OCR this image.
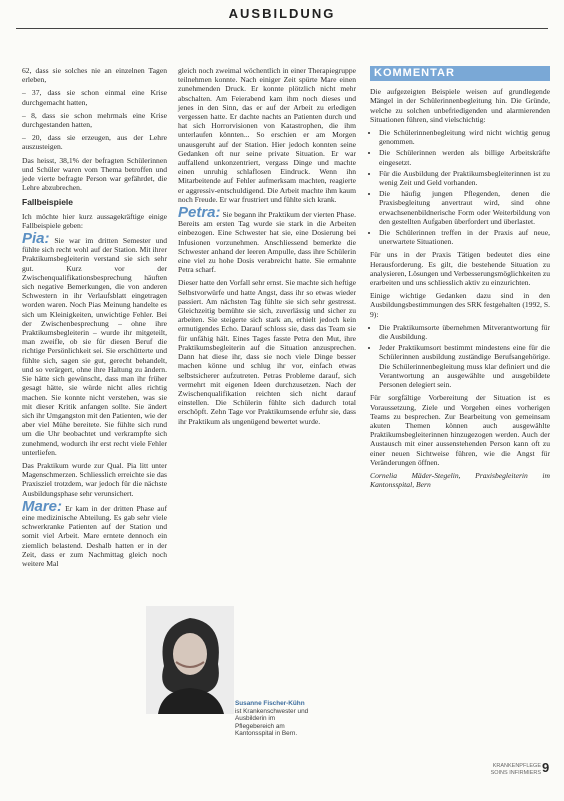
AUSBILDUNG

62, dass sie solches nie an einzelnen Tagen erleben,

– 37, dass sie schon einmal eine Krise durchgemacht hatten,

– 8, dass sie schon mehrmals eine Krise durchgestanden hatten,

– 20, dass sie erzeugen, aus der Lehre auszusteigen.

Das heisst, 38,1% der befragten Schülerinnen und Schüler waren vom Thema betroffen und jede vierte befragte Person war gefährdet, die Lehre abzubrechen.

Fallbeispiele

Ich möchte hier kurz aussagekräftige einige Fallbeispiele geben:

Pia: Sie war im dritten Semester und fühlte sich recht wohl auf der Station. Mit ihrer Praktikumsbegleiterin verstand sie sich sehr gut. Kurz vor der Zwischenqualifikationsbesprechung häuften sich negative Bemerkungen, die von anderen Schwestern in ihr Verlaufsblatt eingetragen worden waren. Noch Pias Meinung handelte es sich um Kleinigkeiten, unwichtige Fehler. Bei der Zwischenbesprechung – ohne ihre Praktikumsbegleiterin – wurde ihr mitgeteilt, man zweifle, ob sie für diesen Beruf die richtige Persönlichkeit sei. Sie erschütterte und fühlte sich, sagen sie gut, gerecht behandelt, und so verärgert, ohne ihre Haltung zu ändern. Sie hätte sich gewünscht, dass man ihr früher gesagt hätte, sie würde nicht alles richtig machen. Sie konnte nicht verstehen, was sie mit dieser Kritik anfangen sollte. Sie ändert sich ihr Umgangston mit den Patienten, wie der aber viel Mühe bereitete. Sie fühlte sich rund um die Uhr beobachtet und verkrampfte sich zunehmend, wodurch ihr erst recht viele Fehler unterliefen.

Das Praktikum wurde zur Qual. Pia litt unter Magenschmerzen. Schliesslich erreichte sie das Praxisziel trotzdem, war jedoch für die nächste Ausbildungsphase sehr verunsichert.

Mare: Er kam in der dritten Phase auf eine medizinische Abteilung. Es gab sehr viele schwerkranke Patienten auf der Station und somit viel Arbeit. Mare erntete dennoch ein ziemlich belastend. Deshalb hatten er in der Zeit, dass er zum Nachmittag gleich noch weitere Mal

gleich noch zweimal wöchentlich in einer Therapiegruppe teilnehmen konnte. Nach einiger Zeit spürte Mare einen zunehmenden Druck. Er konnte plötzlich nicht mehr abschalten. Am Feierabend kam ihm noch dieses und jenes in den Sinn, das er auf der Arbeit zu erledigen vergessen hatte. Er dachte nachts an Patienten durch und hat sich Horrorvisionen von Katastrophen, die ihm unterlaufen könnten... So erschien er am Morgen unausgeruht auf der Station. Hier jedoch konnten seine Gedanken oft nur seine private Situation. Er war auffallend unkonzentriert, vergass Dinge und machte einen unruhig schlaflosen Eindruck. Wenn ihn Mitarbeitende auf Fehler aufmerksam machten, reagierte er aggressiv-entschuldigend. Die Arbeit machte ihm kaum noch Freude. Er war frustriert und fühlte sich krank.

Petra: Sie begann ihr Praktikum der vierten Phase. Bereits am ersten Tag wurde sie stark in die Arbeiten einbezogen. Eine Schwester hat sie, eine Dosierung bei Infusionen vorzunehmen. Anschliessend bemerkte die Schwester anhand der leeren Ampulle, dass ihre Schülerin eine viel zu hohe Dosis verabreicht hatte. Sie ermahnte Petra scharf.

Dieser hatte den Vorfall sehr ernst. Sie machte sich heftige Selbstvorwürfe und hatte Angst, dass ihr so etwas wieder passiert. Am nächsten Tag fühlte sie sich sehr gestresst. Gleichzeitig bemühte sie sich, zuverlässig und sicher zu arbeiten. Sie steigerte sich stark an, erhielt jedoch kein ermutigendes Echo. Darauf schloss sie, dass das Team sie für unfähig hält. Eines Tages fasste Petra den Mut, ihre Praktikumsbegleiterin auf die Situation anzusprechen. Dann hat diese ihr, dass sie noch viele Dinge besser machen könne und schlug ihr vor, einfach etwas selbstsicherer aufzutreten. Petras Probleme darauf, sich vermehrt mit eigenen Ideen durchzusetzen. Nach der Zwischenqualifikation reichten sich nicht darauf einstellen. Die Schülerin fühlte sich dadurch total erschöpft. Zehn Tage vor Praktikumsende erfuhr sie, dass ihr Praktikum als ungenügend bewertet wurde.

KOMMENTAR

Die aufgezeigten Beispiele weisen auf grundlegende Mängel in der Schülerinnenbegleitung hin. Die Gründe, welche zu solchen unbefriedigenden und alarmierenden Situationen führen, sind vielschichtig:

• Die Schülerinnenbegleitung wird nicht wichtig genug genommen.
• Die Schülerinnen werden als billige Arbeitskräfte eingesetzt.
• Für die Ausbildung der Praktikumsbegleiterinnen ist zu wenig Zeit und Geld vorhanden.
• Die häufig jungen Pflegenden, denen die Praxisbegleitung anvertraut wird, sind ohne erwachsenenbildnerische Form oder Weiterbildung von den gestellten Aufgaben überfordert und überlastet.
• Die Schülerinnen treffen in der Praxis auf neue, unerwartete Situationen.

Für uns in der Praxis Tätigen bedeutet dies eine Herausforderung. Es gilt, die bestehende Situation zu analysieren, Lösungen und Verbesserungsmöglichkeiten zu erarbeiten und uns schliesslich aktiv zu einzurichten.

Einige wichtige Gedanken dazu sind in den Ausbildungsbestimmungen des SRK festgehalten (1992, S. 9):

• Die Praktikumsorte übernehmen Mitverantwortung für die Ausbildung.
• Jeder Praktikumsort bestimmt mindestens eine für die Schülerinnen ausbildung zuständige Berufsangehörige. Die Schülerinnenbegleitung muss klar definiert und die Verantwortung an ausgewählte und ausgebildete Personen delegiert sein.

Für sorgfältige Vorbereitung der Situation ist es Voraussetzung, Ziele und Vorgehen eines vorherigen Teams zu besprechen. Zur Bearbeitung von gemeinsam akuten Themen können auch ausgewählte Praktikumsbegleiterinnen hinzugezogen werden. Auch der Austausch mit einer aussenstehenden Person kann oft zu einer neuen Sichtweise führen, wie die Angst für Veränderungen öffnen.

Cornelia Mäder-Stegelin, Praxisbegleiterin im Kantonsspital, Bern

Susanne Fischer-Kühn ist Krankenschwester und Ausbilderin im Pflegebereich am Kantonsspital in Bern.
KRANKENPFLEGE SOINS INFIRMIERS 9
